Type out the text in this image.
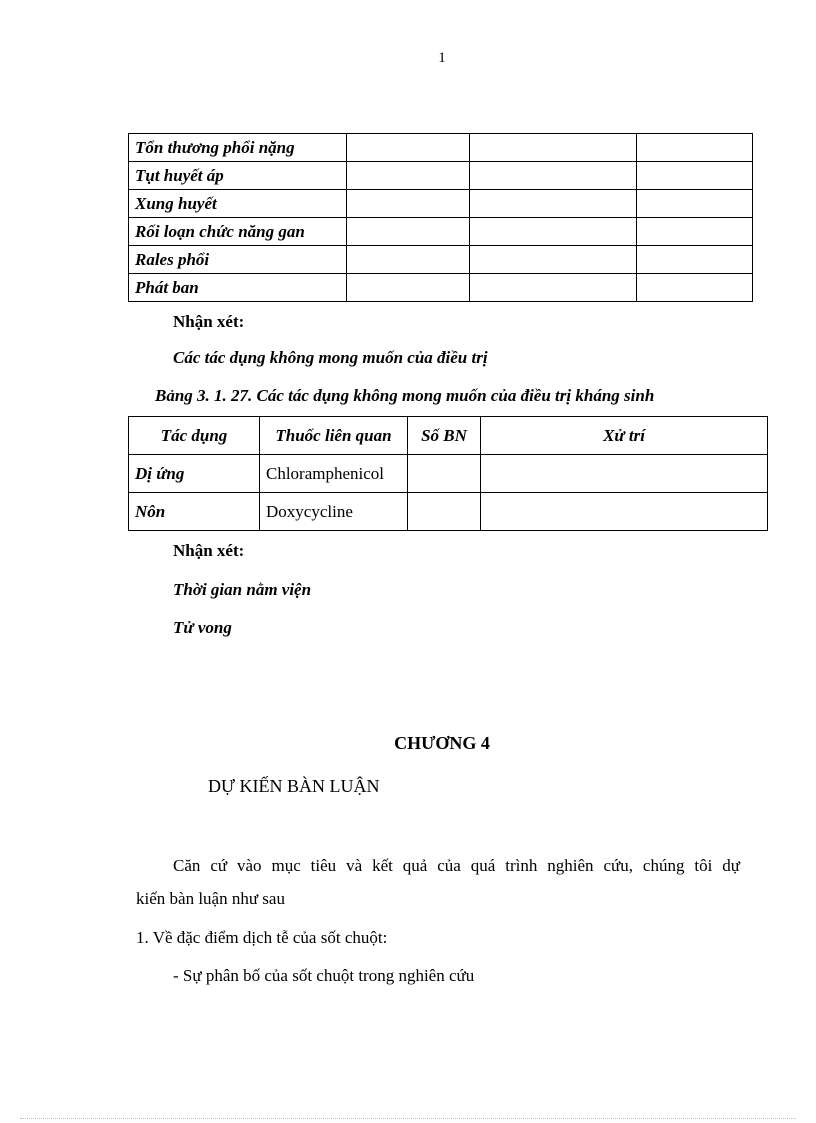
1
Tổn thương phổi nặng			
Tụt huyết áp			
Xung huyết			
Rối loạn chức năng gan			
Rales phổi			
Phát ban			
Nhận xét:
Các tác dụng không mong muốn của điều trị
Bảng 3. 1. 27. Các tác dụng không mong muốn của điều trị kháng sinh
Tác dụng	Thuốc liên quan	Số BN	Xử trí
Dị ứng	Chloramphenicol		
Nôn	Doxycycline		
Nhận xét:
Thời gian nằm viện
Tử vong
CHƯƠNG 4
DỰ KIẾN BÀN LUẬN
Căn cứ vào mục tiêu và kết quả của quá trình nghiên cứu, chúng tôi dự
kiến bàn luận như sau
1. Về đặc điểm dịch tễ của sốt chuột:
- Sự phân bố của sốt chuột trong nghiên cứu
